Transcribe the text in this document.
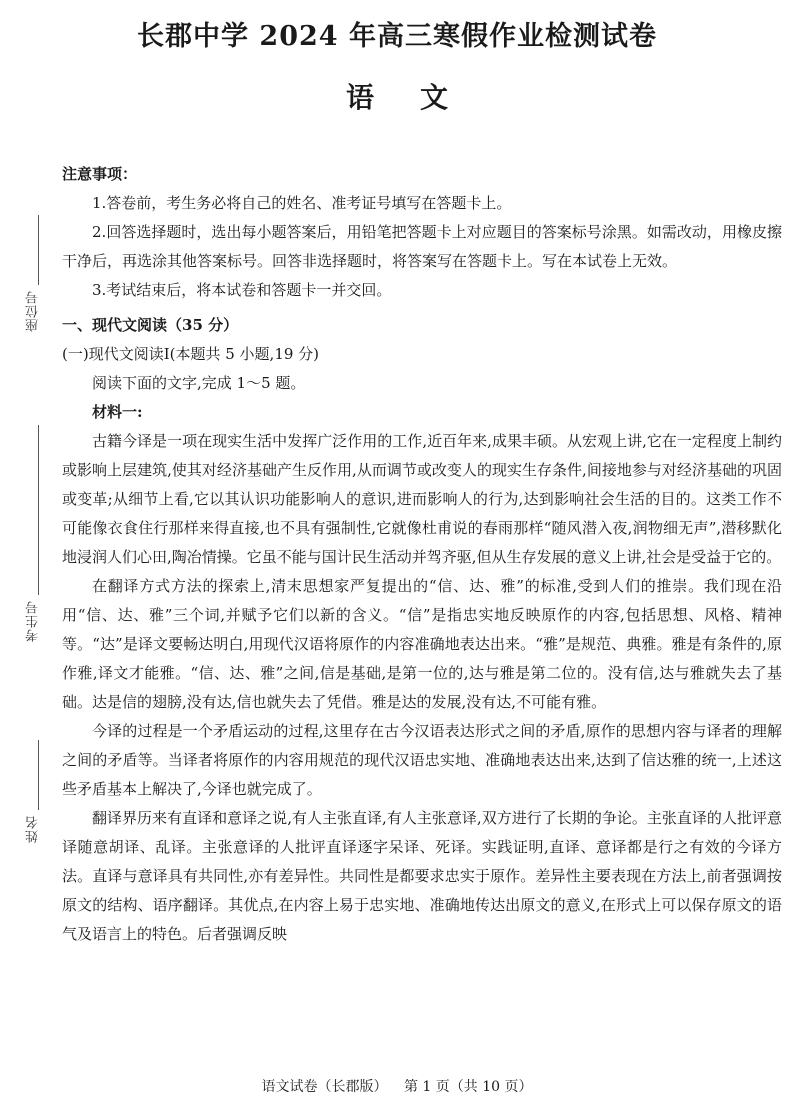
长郡中学 2024 年高三寒假作业检测试卷
语文
座位号
考生号
姓名

注意事项：

1.答卷前，考生务必将自己的姓名、准考证号填写在答题卡上。

2.回答选择题时，选出每小题答案后，用铅笔把答题卡上对应题目的答案标号涂黑。如需改动，用橡皮擦干净后，再选涂其他答案标号。回答非选择题时，将答案写在答题卡上。写在本试卷上无效。

3.考试结束后，将本试卷和答题卡一并交回。

一、现代文阅读（35 分）

(一)现代文阅读Ⅰ(本题共 5 小题,19 分)

阅读下面的文字,完成 1～5 题。

材料一:

古籍今译是一项在现实生活中发挥广泛作用的工作,近百年来,成果丰硕。从宏观上讲,它在一定程度上制约或影响上层建筑,使其对经济基础产生反作用,从而调节或改变人的现实生存条件,间接地参与对经济基础的巩固或变革;从细节上看,它以其认识功能影响人的意识,进而影响人的行为,达到影响社会生活的目的。这类工作不可能像衣食住行那样来得直接,也不具有强制性,它就像杜甫说的春雨那样“随风潜入夜,润物细无声”,潜移默化地浸润人们心田,陶冶情操。它虽不能与国计民生活动并驾齐驱,但从生存发展的意义上讲,社会是受益于它的。

在翻译方式方法的探索上,清末思想家严复提出的“信、达、雅”的标准,受到人们的推崇。我们现在沿用“信、达、雅”三个词,并赋予它们以新的含义。“信”是指忠实地反映原作的内容,包括思想、风格、精神等。“达”是译文要畅达明白,用现代汉语将原作的内容准确地表达出来。“雅”是规范、典雅。雅是有条件的,原作雅,译文才能雅。“信、达、雅”之间,信是基础,是第一位的,达与雅是第二位的。没有信,达与雅就失去了基础。达是信的翅膀,没有达,信也就失去了凭借。雅是达的发展,没有达,不可能有雅。

今译的过程是一个矛盾运动的过程,这里存在古今汉语表达形式之间的矛盾,原作的思想内容与译者的理解之间的矛盾等。当译者将原作的内容用规范的现代汉语忠实地、准确地表达出来,达到了信达雅的统一,上述这些矛盾基本上解决了,今译也就完成了。

翻译界历来有直译和意译之说,有人主张直译,有人主张意译,双方进行了长期的争论。主张直译的人批评意译随意胡译、乱译。主张意译的人批评直译逐字呆译、死译。实践证明,直译、意译都是行之有效的今译方法。直译与意译具有共同性,亦有差异性。共同性是都要求忠实于原作。差异性主要表现在方法上,前者强调按原文的结构、语序翻译。其优点,在内容上易于忠实地、准确地传达出原文的意义,在形式上可以保存原文的语气及语言上的特色。后者强调反映

语文试卷（长郡版） 第 1 页（共 10 页）
